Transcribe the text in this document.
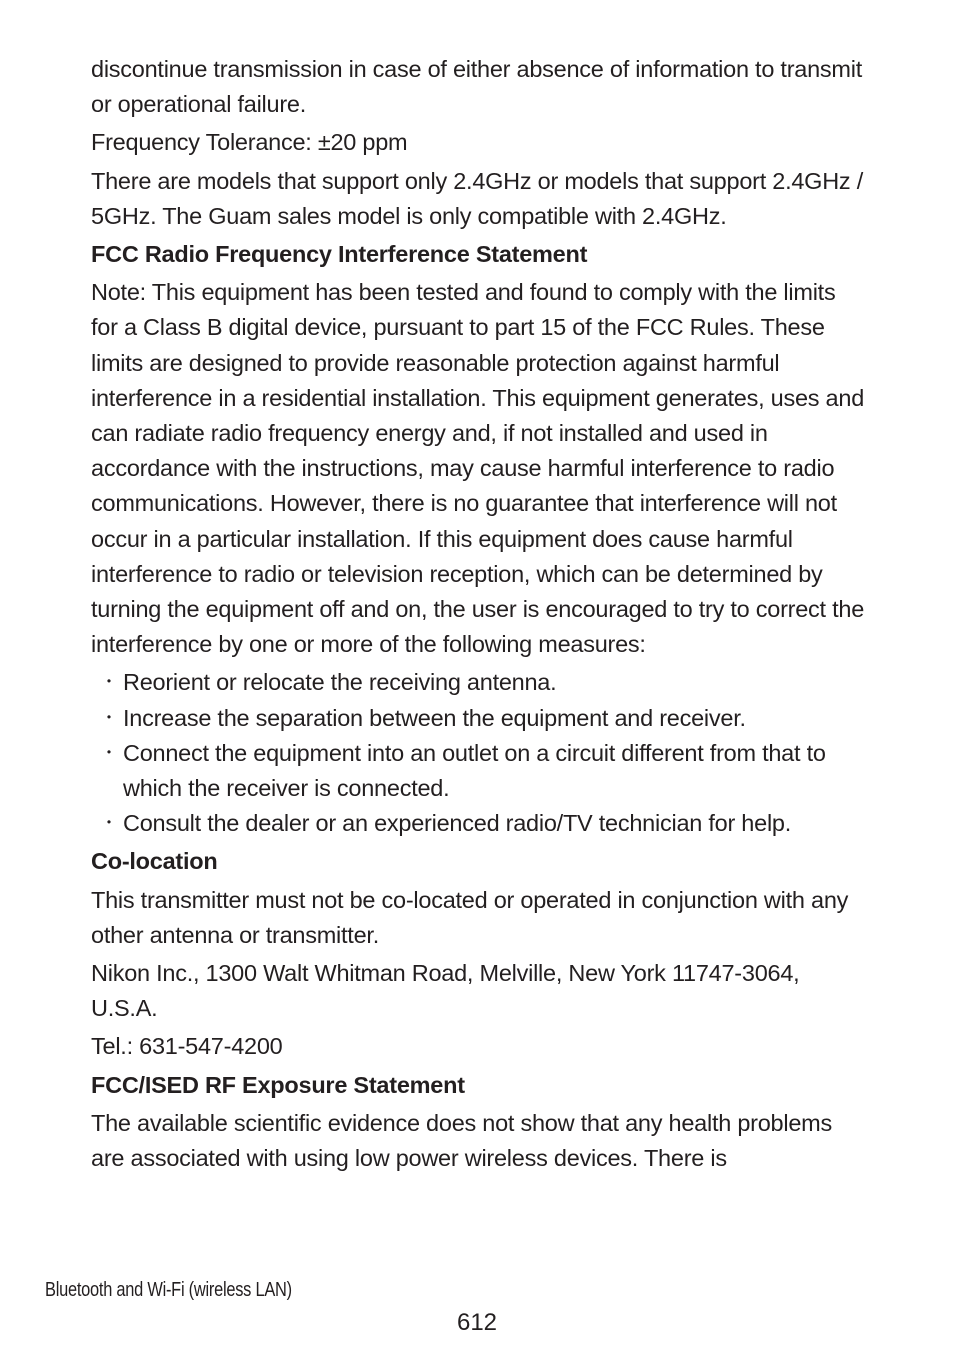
discontinue transmission in case of either absence of information to transmit or operational failure.

Frequency Tolerance: ±20 ppm

There are models that support only 2.4GHz or models that support 2.4GHz / 5GHz. The Guam sales model is only compatible with 2.4GHz.

FCC Radio Frequency Interference Statement

Note: This equipment has been tested and found to comply with the limits for a Class B digital device, pursuant to part 15 of the FCC Rules. These limits are designed to provide reasonable protection against harmful interference in a residential installation. This equipment generates, uses and can radiate radio frequency energy and, if not installed and used in accordance with the instructions, may cause harmful interference to radio communications. However, there is no guarantee that interference will not occur in a particular installation. If this equipment does cause harmful interference to radio or television reception, which can be determined by turning the equipment off and on, the user is encouraged to try to correct the interference by one or more of the following measures:

・ Reorient or relocate the receiving antenna.
・ Increase the separation between the equipment and receiver.
・ Connect the equipment into an outlet on a circuit different from that to which the receiver is connected.
・ Consult the dealer or an experienced radio/TV technician for help.
Co-location

This transmitter must not be co-located or operated in conjunction with any other antenna or transmitter.

Nikon Inc., 1300 Walt Whitman Road, Melville, New York 11747-3064, U.S.A.

Tel.: 631-547-4200

FCC/ISED RF Exposure Statement

The available scientific evidence does not show that any health problems are associated with using low power wireless devices. There is

Bluetooth and Wi-Fi (wireless LAN)
612
